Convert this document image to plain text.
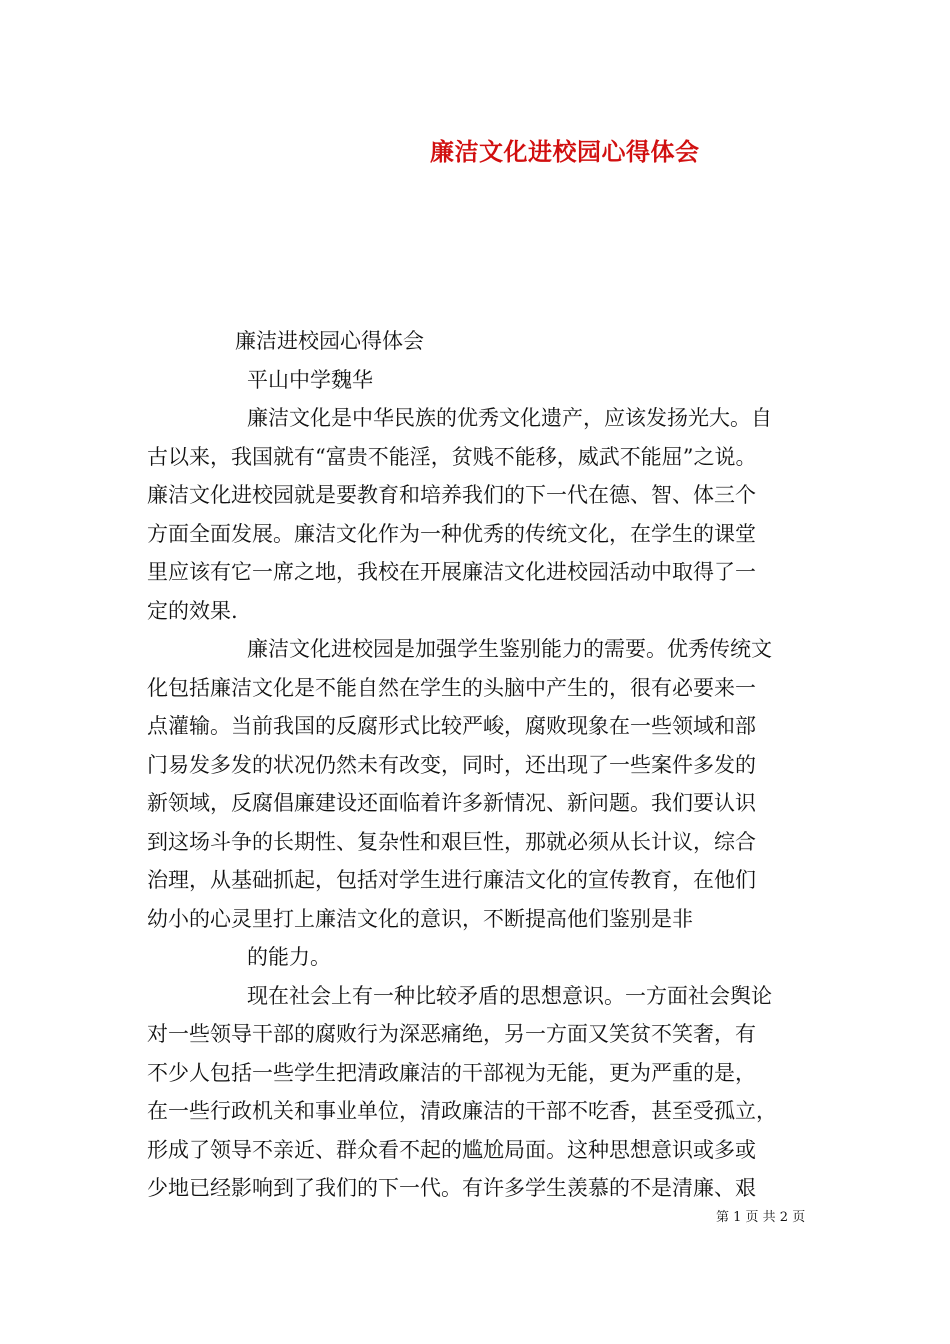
廉洁文化进校园心得体会
廉洁进校园心得体会
平山中学魏华
廉洁文化是中华民族的优秀文化遗产，应该发扬光大。自
古以来，我国就有“富贵不能淫，贫贱不能移，威武不能屈”之说。
廉洁文化进校园就是要教育和培养我们的下一代在德、智、体三个
方面全面发展。廉洁文化作为一种优秀的传统文化，在学生的课堂
里应该有它一席之地，我校在开展廉洁文化进校园活动中取得了一
定的效果.
廉洁文化进校园是加强学生鉴别能力的需要。优秀传统文
化包括廉洁文化是不能自然在学生的头脑中产生的，很有必要来一
点灌输。当前我国的反腐形式比较严峻，腐败现象在一些领域和部
门易发多发的状况仍然未有改变，同时，还出现了一些案件多发的
新领域，反腐倡廉建设还面临着许多新情况、新问题。我们要认识
到这场斗争的长期性、复杂性和艰巨性，那就必须从长计议，综合
治理，从基础抓起，包括对学生进行廉洁文化的宣传教育，在他们
幼小的心灵里打上廉洁文化的意识，不断提高他们鉴别是非
的能力。
现在社会上有一种比较矛盾的思想意识。一方面社会舆论
对一些领导干部的腐败行为深恶痛绝，另一方面又笑贫不笑奢，有
不少人包括一些学生把清政廉洁的干部视为无能，更为严重的是，
在一些行政机关和事业单位，清政廉洁的干部不吃香，甚至受孤立，
形成了领导不亲近、群众看不起的尴尬局面。这种思想意识或多或
少地已经影响到了我们的下一代。有许多学生羡慕的不是清廉、艰
第 1 页 共 2 页
